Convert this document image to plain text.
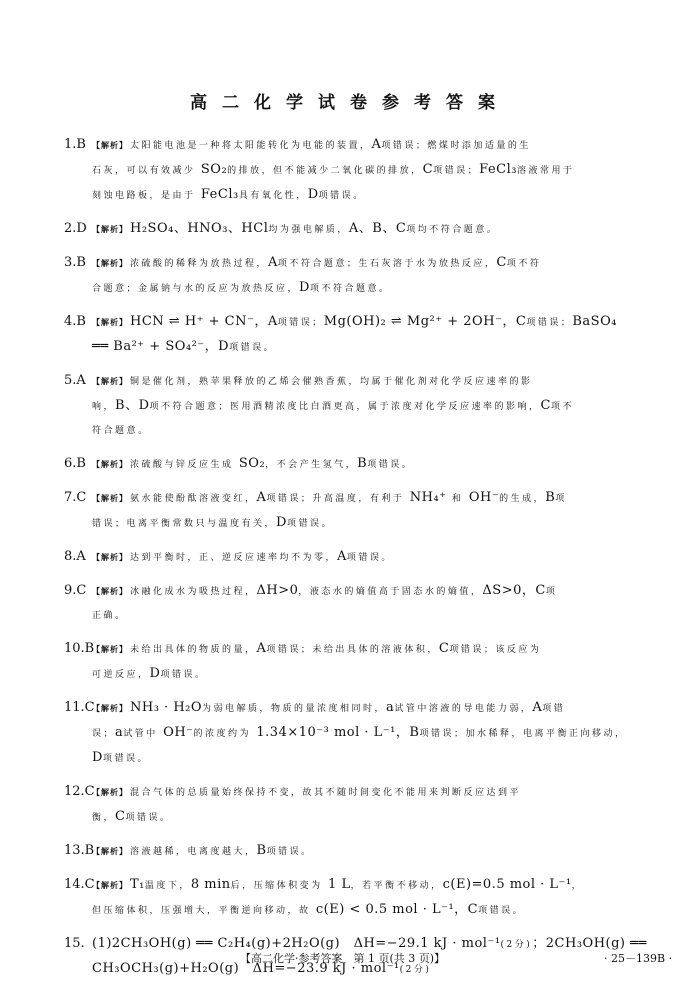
高二化学试卷参考答案
1.B 【解析】 太阳能电池是一种将太阳能转化为电能的装置，A项错误；燃煤时添加适量的生
石灰，可以有效减少 SO₂的排放，但不能减少二氧化碳的排放，C项错误；FeCl₃溶液常用于
刻蚀电路板，是由于 FeCl₃具有氧化性，D项错误。
2.D 【解析】 H₂SO₄、HNO₃、HCl均为强电解质，A、B、C项均不符合题意。
3.B 【解析】 浓硫酸的稀释为放热过程，A项不符合题意；生石灰溶于水为放热反应，C项不符
合题意；金属钠与水的反应为放热反应，D项不符合题意。
4.B 【解析】 HCN ⇌ H⁺ + CN⁻，A项错误；Mg(OH)₂ ⇌ Mg²⁺ + 2OH⁻，C项错误；BaSO₄
══ Ba²⁺ + SO₄²⁻，D项错误。
5.A 【解析】 铜是催化剂，熟苹果释放的乙烯会催熟香蕉，均属于催化剂对化学反应速率的影
响，B、D项不符合题意；医用酒精浓度比白酒更高，属于浓度对化学反应速率的影响，C项不
符合题意。
6.B 【解析】 浓硫酸与锌反应生成 SO₂，不会产生氢气，B项错误。
7.C 【解析】 氨水能使酚酞溶液变红，A项错误；升高温度，有利于 NH₄⁺ 和 OH⁻的生成，B项
错误；电离平衡常数只与温度有关，D项错误。
8.A 【解析】 达到平衡时，正、逆反应速率均不为零，A项错误。
9.C 【解析】 冰融化成水为吸热过程，ΔH>0，液态水的熵值高于固态水的熵值，ΔS>0，C项
正确。
10.B
【解析】 未给出具体的物质的量，A项错误；未给出具体的溶液体积，C项错误；该反应为
可逆反应，D项错误。
11.C
【解析】 NH₃ · H₂O为弱电解质，物质的量浓度相同时，a试管中溶液的导电能力弱，A项错
误；a试管中 OH⁻的浓度约为 1.34×10⁻³ mol · L⁻¹，B项错误；加水稀释，电离平衡正向移动，
D项错误。
12.C
【解析】 混合气体的总质量始终保持不变，故其不随时间变化不能用来判断反应达到平
衡，C项错误。
13.B
【解析】 溶液越稀，电离度越大，B项错误。
14.C
【解析】 T₁温度下，8 min后，压缩体积变为 1 L，若平衡不移动，c(E)=0.5 mol · L⁻¹，
但压缩体积，压强增大，平衡逆向移动，故 c(E) < 0.5 mol · L⁻¹，C项错误。
15. (1)2CH₃OH(g) ══ C₂H₄(g)+2H₂O(g)　ΔH=−29.1 kJ · mol⁻¹(2分)；2CH₃OH(g) ══
CH₃OCH₃(g)+H₂O(g)　ΔH=−23.9 kJ · mol⁻¹(2分)
【高二化学·参考答案　第 1 页(共 3 页)】	· 25－139B ·
